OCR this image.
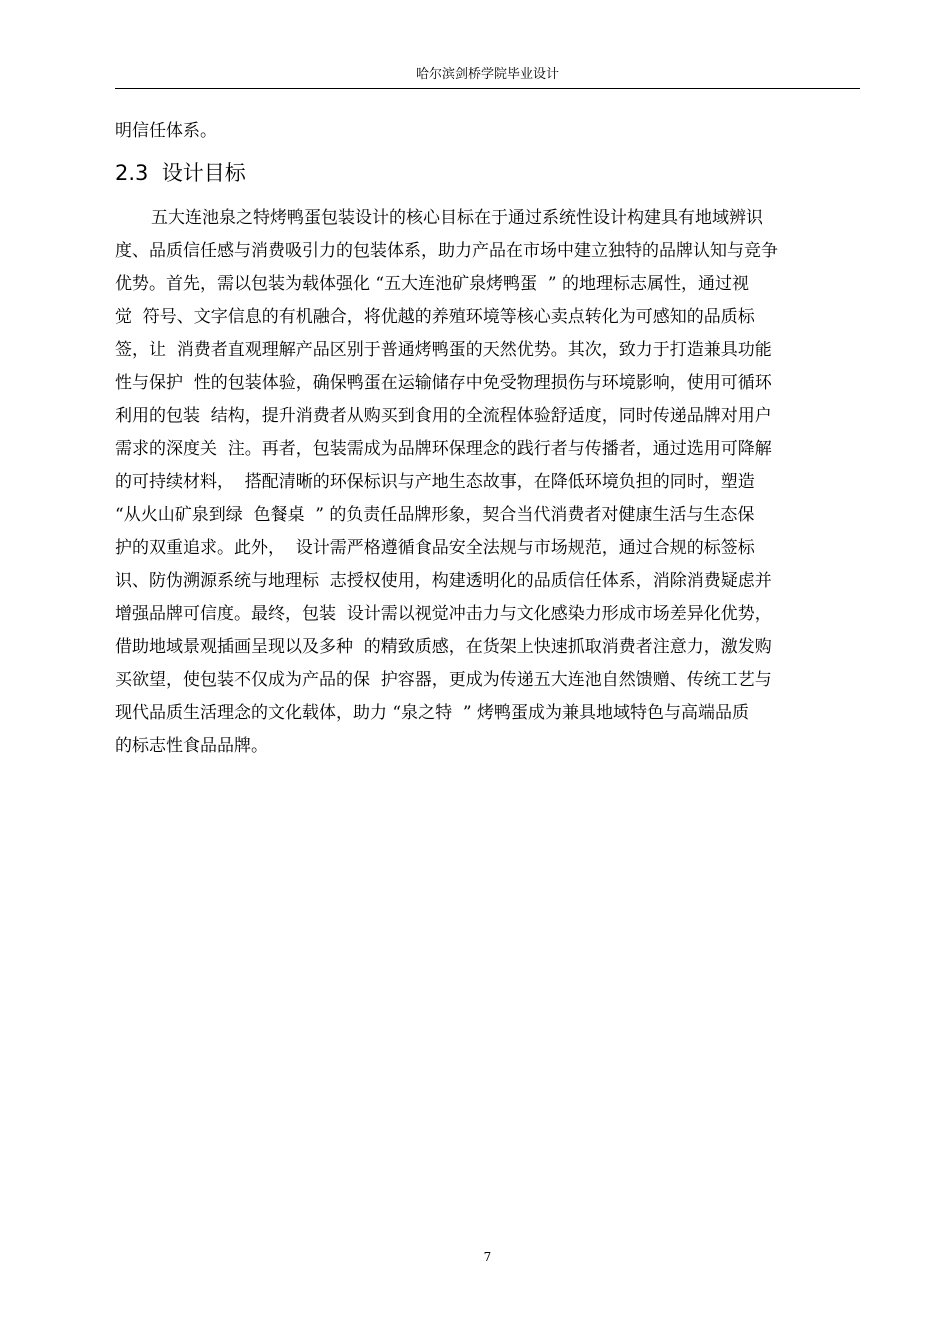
哈尔滨剑桥学院毕业设计
明信任体系。
2.3  设计目标
五大连池泉之特烤鸭蛋包装设计的核心目标在于通过系统性设计构建具有地域辨识
度、品质信任感与消费吸引力的包装体系，助力产品在市场中建立独特的品牌认知与竞争
优势。首先，需以包装为载体强化 “五大连池矿泉烤鸭蛋  ” 的地理标志属性，通过视
觉  符号、文字信息的有机融合，将优越的养殖环境等核心卖点转化为可感知的品质标
签，让  消费者直观理解产品区别于普通烤鸭蛋的天然优势。其次，致力于打造兼具功能
性与保护  性的包装体验，确保鸭蛋在运输储存中免受物理损伤与环境影响，使用可循环
利用的包装  结构，提升消费者从购买到食用的全流程体验舒适度，同时传递品牌对用户
需求的深度关  注。再者，包装需成为品牌环保理念的践行者与传播者，通过选用可降解
的可持续材料，  搭配清晰的环保标识与产地生态故事，在降低环境负担的同时，塑造
“从火山矿泉到绿  色餐桌  ” 的负责任品牌形象，契合当代消费者对健康生活与生态保
护的双重追求。此外，  设计需严格遵循食品安全法规与市场规范，通过合规的标签标
识、防伪溯源系统与地理标  志授权使用，构建透明化的品质信任体系，消除消费疑虑并
增强品牌可信度。最终，包装  设计需以视觉冲击力与文化感染力形成市场差异化优势，
借助地域景观插画呈现以及多种  的精致质感，在货架上快速抓取消费者注意力，激发购
买欲望，使包装不仅成为产品的保  护容器，更成为传递五大连池自然馈赠、传统工艺与
现代品质生活理念的文化载体，助力 “泉之特  ” 烤鸭蛋成为兼具地域特色与高端品质
的标志性食品品牌。
7
